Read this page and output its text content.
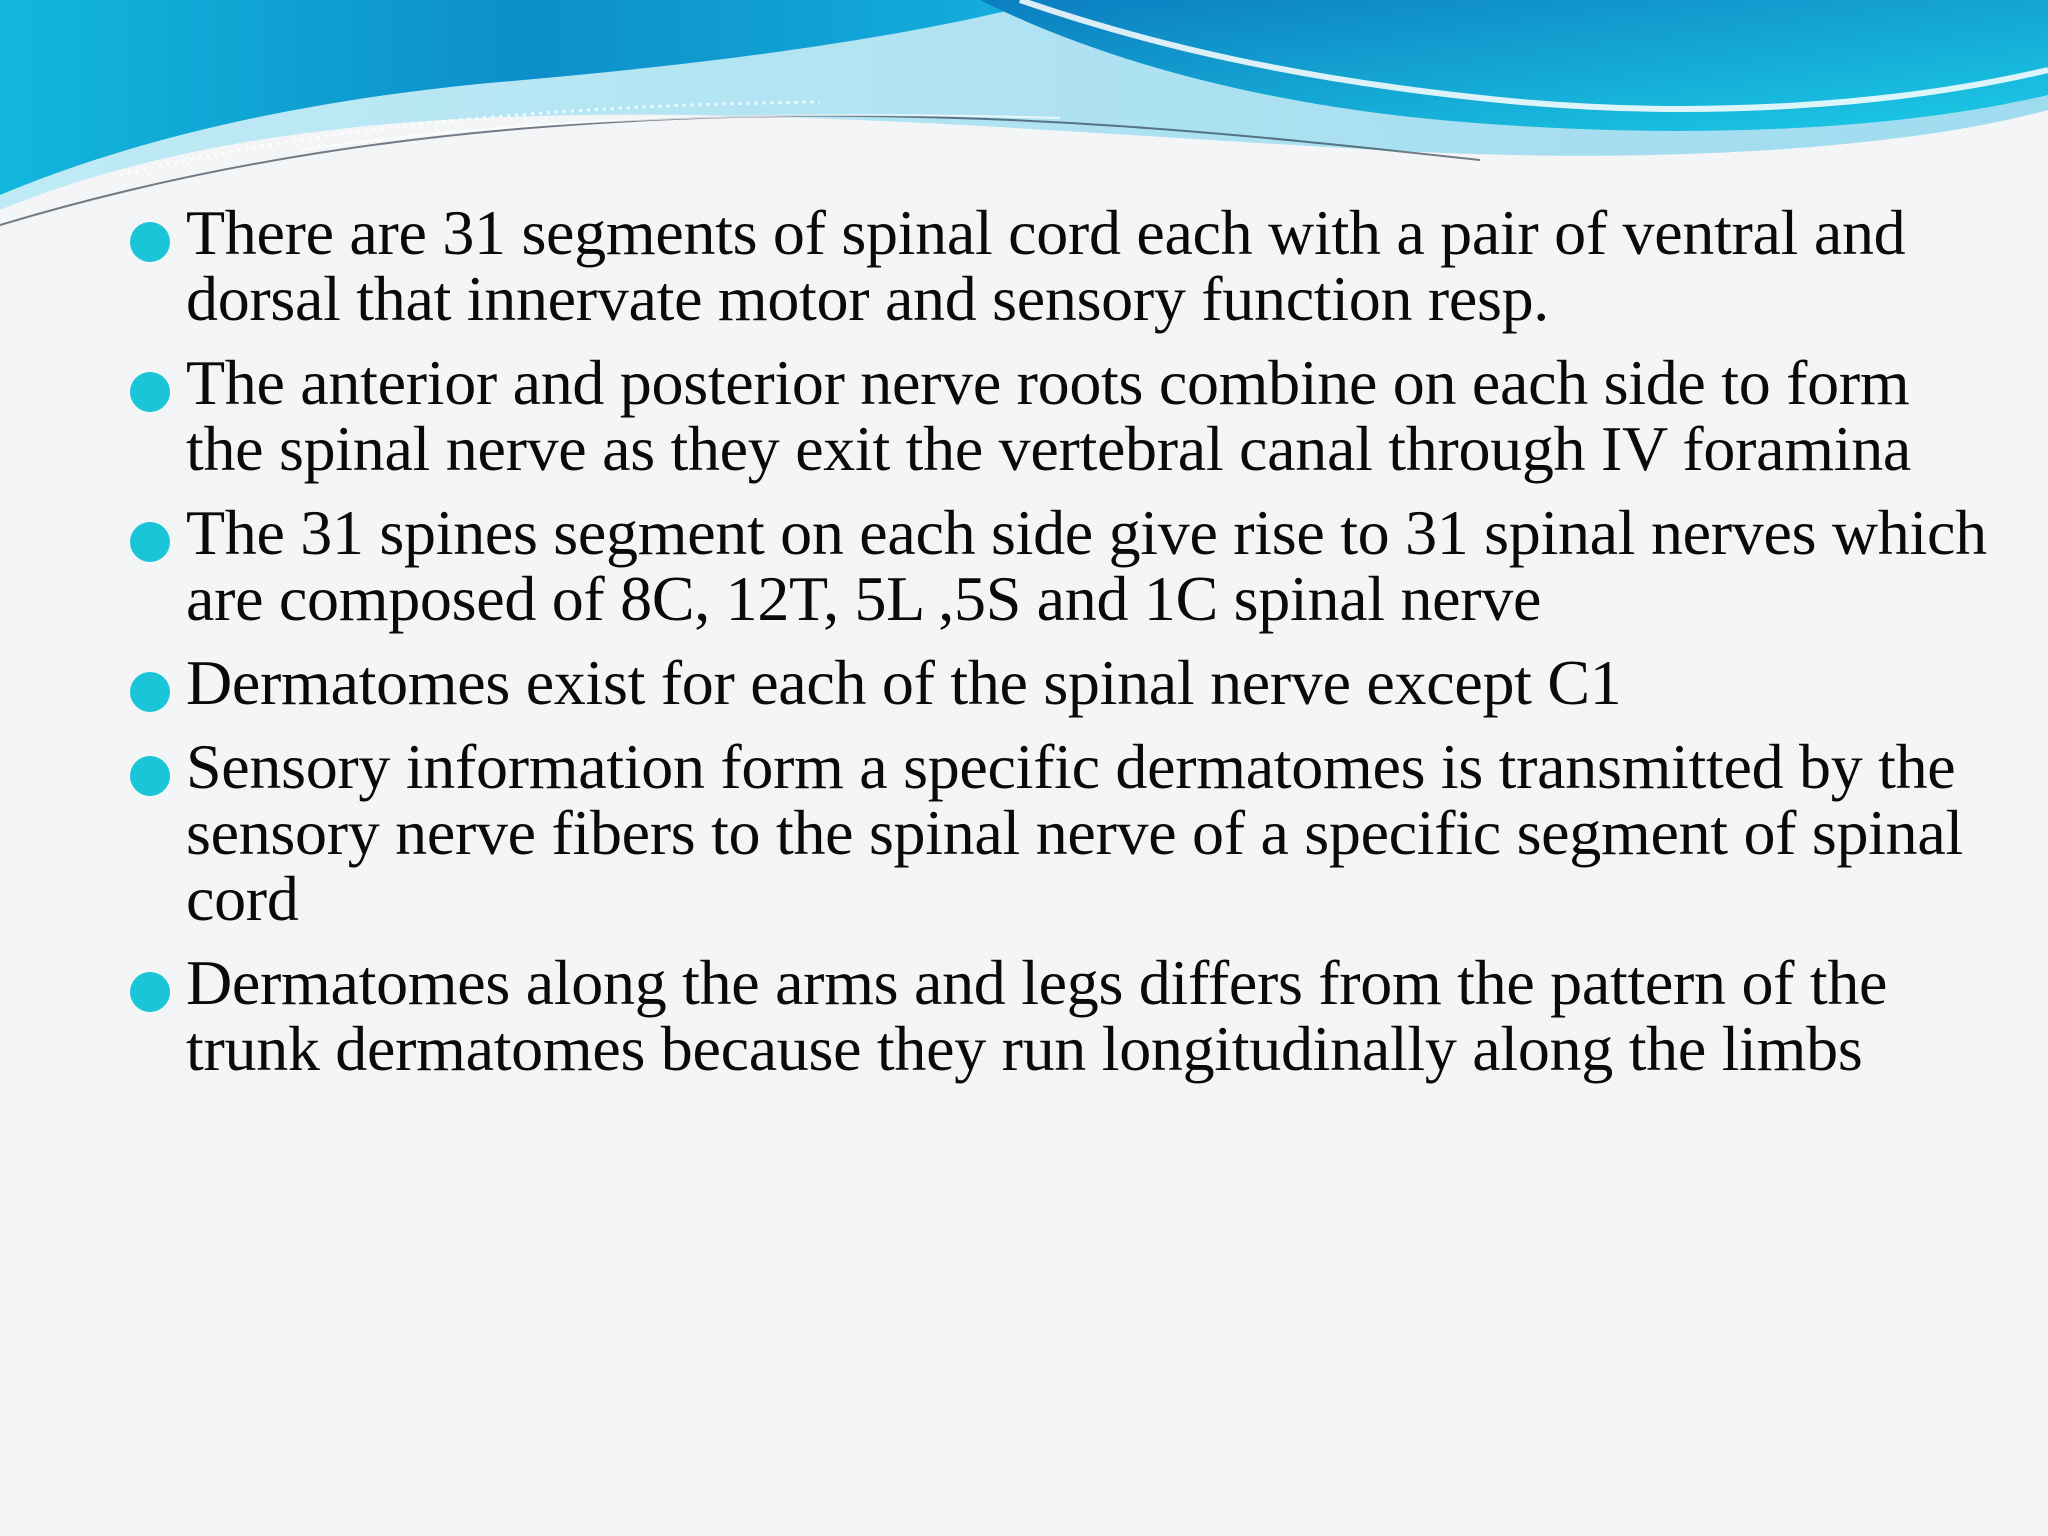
There are 31 segments of spinal cord each with a pair of ventral and dorsal that innervate motor and sensory function resp.
The anterior and posterior nerve roots combine on each side to form the spinal nerve as they exit the vertebral canal through IV foramina
The 31 spines segment on each side give rise to 31 spinal nerves which are composed of 8C, 12T, 5L ,5S and 1C spinal nerve
Dermatomes exist for each of the spinal nerve except C1
Sensory information form a specific dermatomes is transmitted by the sensory nerve fibers to the spinal nerve of a specific segment of spinal cord
Dermatomes along the arms and legs differs from the pattern of the trunk dermatomes because they run longitudinally along the limbs
